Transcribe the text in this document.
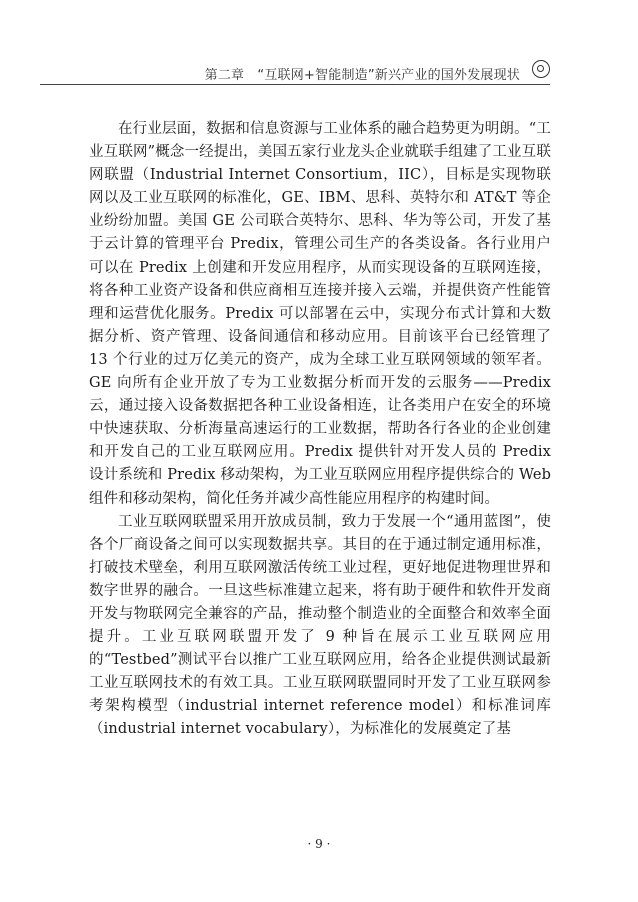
第二章　“互联网+智能制造”新兴产业的国外发展现状

在行业层面，数据和信息资源与工业体系的融合趋势更为明朗。“工业互联网”概念一经提出，美国五家行业龙头企业就联手组建了工业互联网联盟（Industrial Internet Consortium，IIC），目标是实现物联网以及工业互联网的标准化，GE、IBM、思科、英特尔和 AT&T 等企业纷纷加盟。美国 GE 公司联合英特尔、思科、华为等公司，开发了基于云计算的管理平台 Predix，管理公司生产的各类设备。各行业用户可以在 Predix 上创建和开发应用程序，从而实现设备的互联网连接，将各种工业资产设备和供应商相互连接并接入云端，并提供资产性能管理和运营优化服务。Predix 可以部署在云中，实现分布式计算和大数据分析、资产管理、设备间通信和移动应用。目前该平台已经管理了 13 个行业的过万亿美元的资产，成为全球工业互联网领域的领军者。GE 向所有企业开放了专为工业数据分析而开发的云服务——Predix 云，通过接入设备数据把各种工业设备相连，让各类用户在安全的环境中快速获取、分析海量高速运行的工业数据，帮助各行各业的企业创建和开发自己的工业互联网应用。Predix 提供针对开发人员的 Predix 设计系统和 Predix 移动架构，为工业互联网应用程序提供综合的 Web 组件和移动架构，简化任务并减少高性能应用程序的构建时间。

工业互联网联盟采用开放成员制，致力于发展一个“通用蓝图”，使各个厂商设备之间可以实现数据共享。其目的在于通过制定通用标准，打破技术壁垒，利用互联网激活传统工业过程，更好地促进物理世界和数字世界的融合。一旦这些标准建立起来，将有助于硬件和软件开发商开发与物联网完全兼容的产品，推动整个制造业的全面整合和效率全面提升。工业互联网联盟开发了 9 种旨在展示工业互联网应用的“Testbed”测试平台以推广工业互联网应用，给各企业提供测试最新工业互联网技术的有效工具。工业互联网联盟同时开发了工业互联网参考架构模型（industrial internet reference model）和标准词库（industrial internet vocabulary），为标准化的发展奠定了基

· 9 ·
